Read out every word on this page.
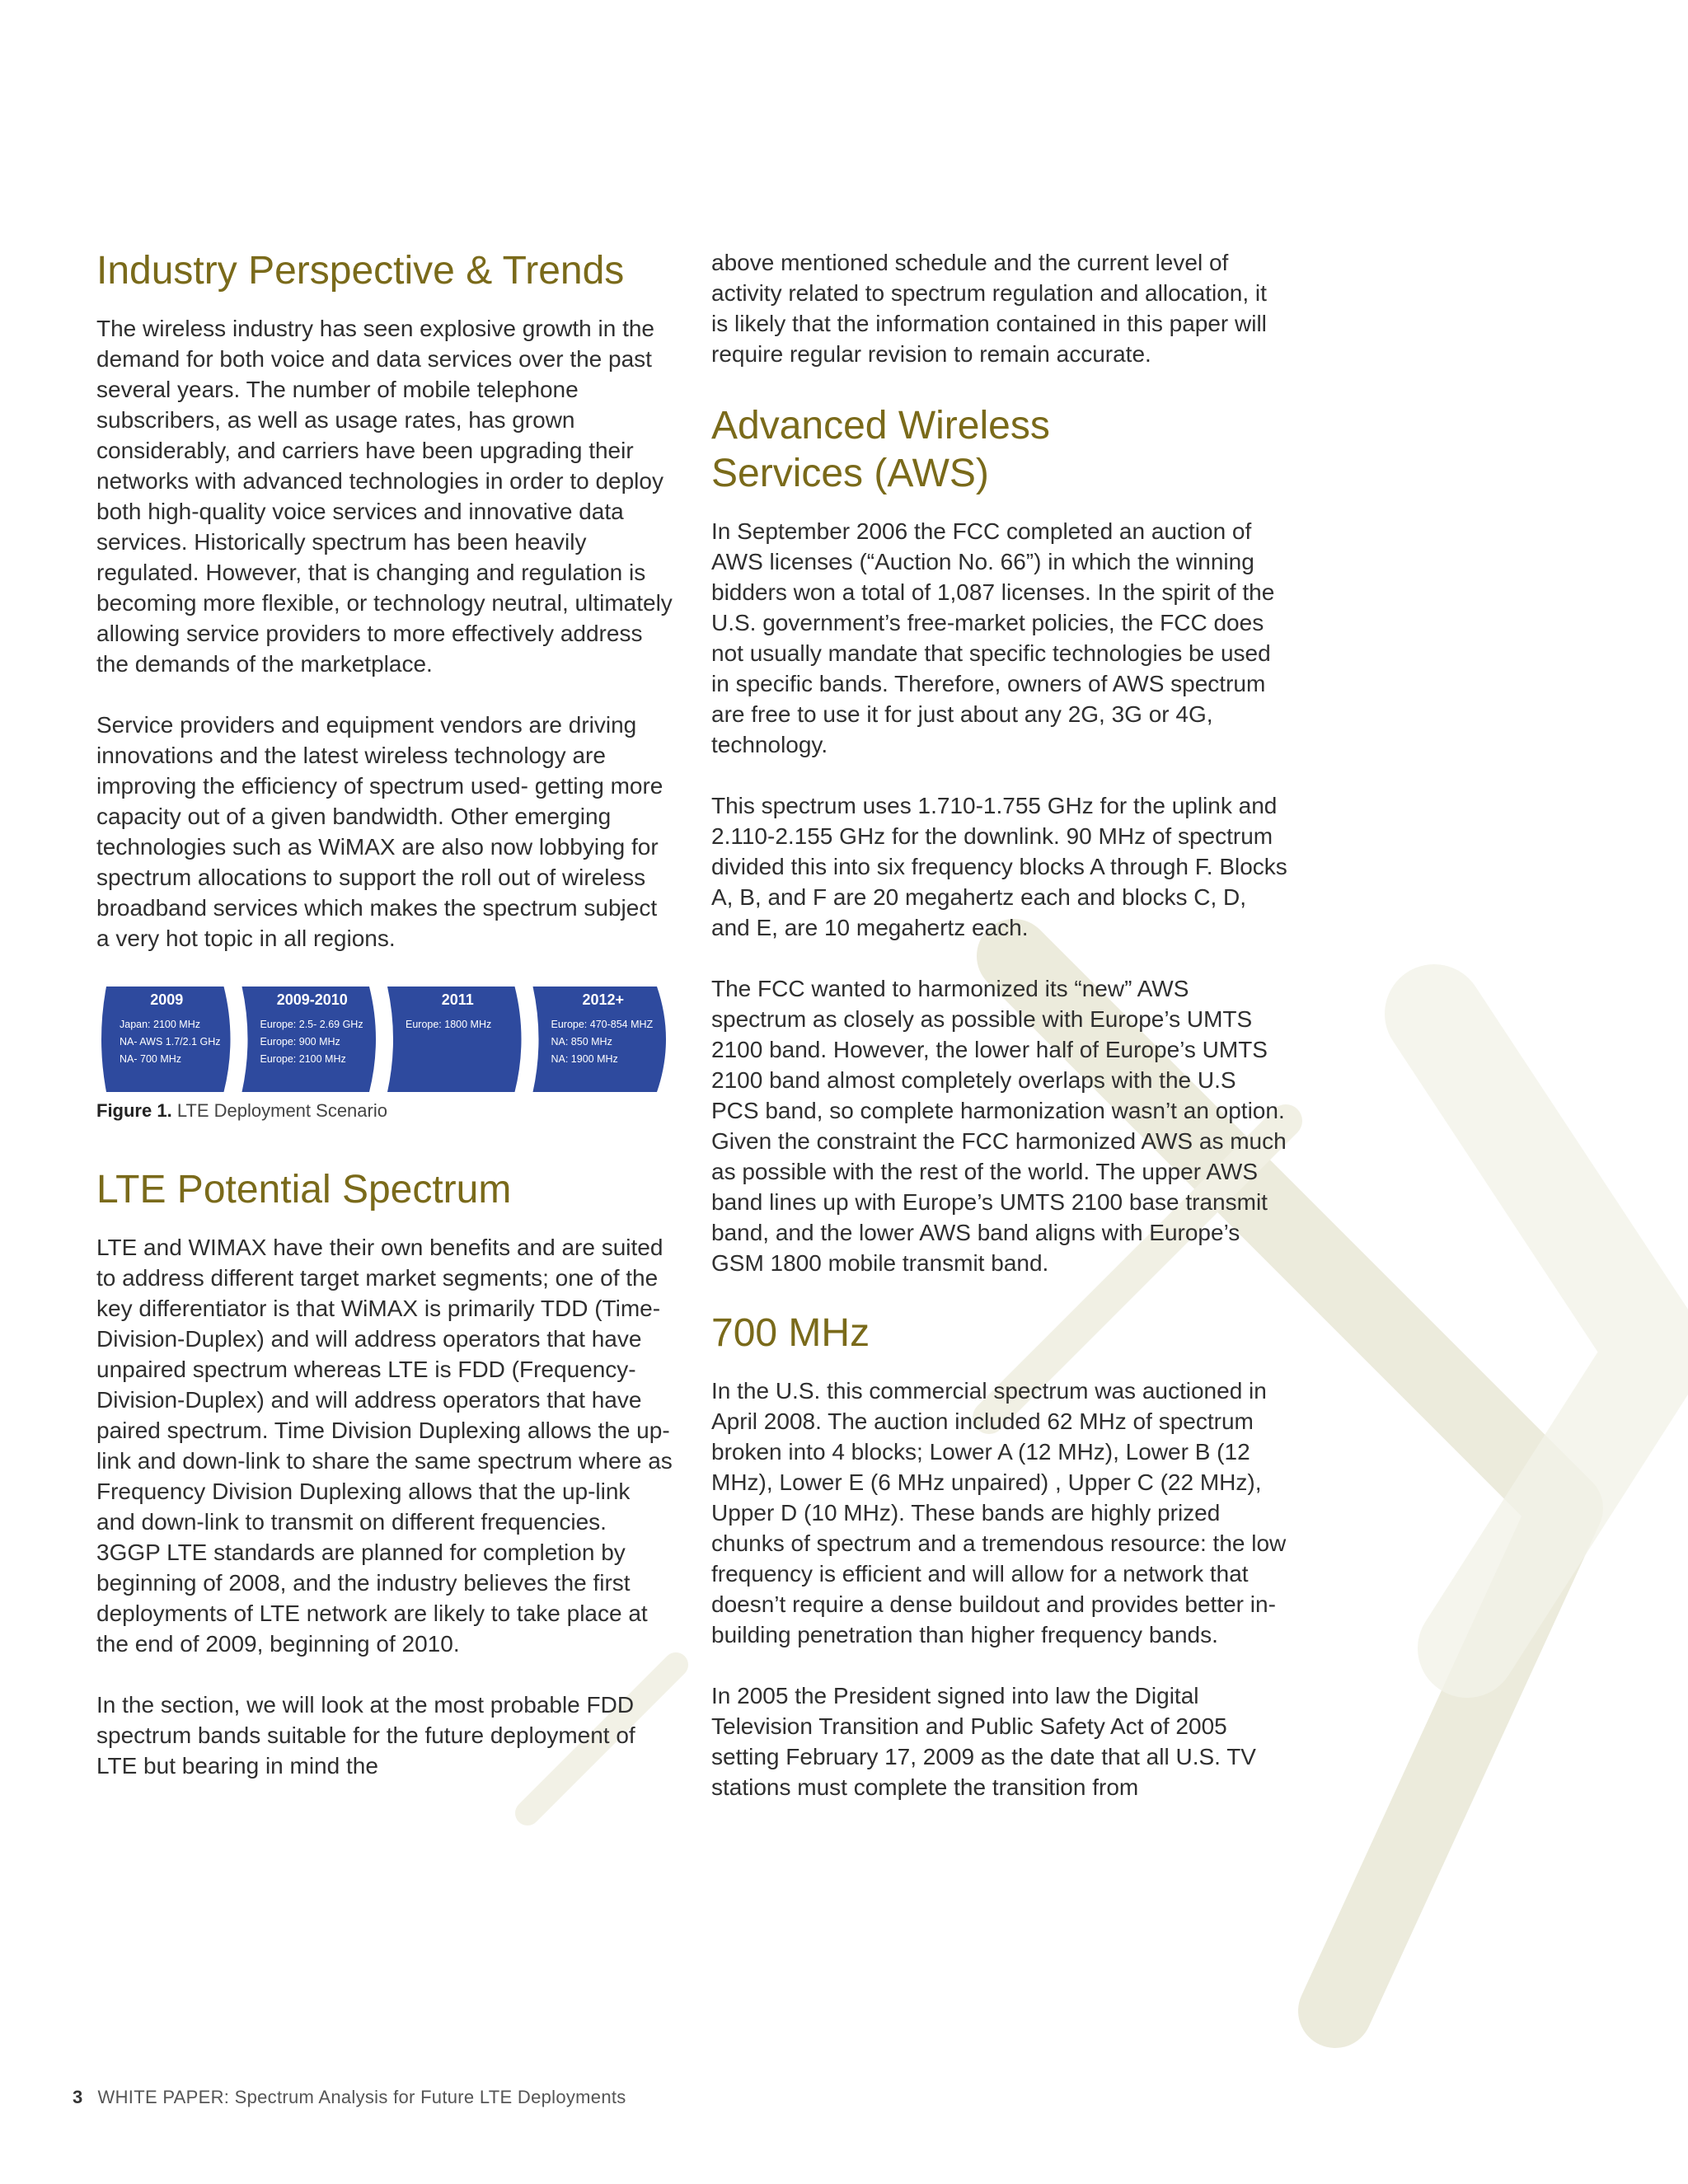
Industry Perspective & Trends

The wireless industry has seen explosive growth in the demand for both voice and data services over the past several years. The number of mobile telephone subscribers, as well as usage rates, has grown considerably, and carriers have been upgrading their networks with advanced technologies in order to deploy both high-quality voice services and innovative data services. Historically spectrum has been heavily regulated. However, that is changing and regulation is becoming more flexible, or technology neutral, ultimately allowing service providers to more effectively address the demands of the marketplace.

Service providers and equipment vendors are driving innovations and the latest wireless technology are improving the efficiency of spectrum used- getting more capacity out of a given bandwidth. Other emerging technologies such as WiMAX are also now lobbying for spectrum allocations to support the roll out of wireless broadband services which makes the spectrum subject a very hot topic in all regions.

2009
Japan: 2100 MHz
NA- AWS 1.7/2.1 GHz
NA- 700 MHz
2009-2010
Europe: 2.5- 2.69 GHz
Europe: 900 MHz
Europe: 2100 MHz
2011
Europe: 1800 MHz
2012+
Europe: 470-854 MHZ
NA: 850 MHz
NA: 1900 MHz
Figure 1. LTE Deployment Scenario
LTE Potential Spectrum

LTE and WIMAX have their own benefits and are suited to address different target market segments; one of the key differentiator is that WiMAX is primarily TDD (Time-Division-Duplex) and will address operators that have unpaired spectrum whereas LTE is FDD (Frequency-Division-Duplex) and will address operators that have paired spectrum. Time Division Duplexing allows the up-link and down-link to share the same spectrum where as Frequency Division Duplexing allows that the up-link and down-link to transmit on different frequencies. 3GGP LTE standards are planned for completion by beginning of 2008, and the industry believes the first deployments of LTE network are likely to take place at the end of 2009, beginning of 2010.

In the section, we will look at the most probable FDD spectrum bands suitable for the future deployment of LTE but bearing in mind the

above mentioned schedule and the current level of activity related to spectrum regulation and allocation, it is likely that the information contained in this paper will require regular revision to remain accurate.

Advanced Wireless Services (AWS)

In September 2006 the FCC completed an auction of AWS licenses (“Auction No. 66”) in which the winning bidders won a total of 1,087 licenses. In the spirit of the U.S. government’s free-market policies, the FCC does not usually mandate that specific technologies be used in specific bands. Therefore, owners of AWS spectrum are free to use it for just about any 2G, 3G or 4G, technology.

This spectrum uses 1.710-1.755 GHz for the uplink and 2.110-2.155 GHz for the downlink. 90 MHz of spectrum divided this into six frequency blocks A through F. Blocks A, B, and F are 20 megahertz each and blocks C, D, and E, are 10 megahertz each.

The FCC wanted to harmonized its “new” AWS spectrum as closely as possible with Europe’s UMTS 2100 band. However, the lower half of Europe’s UMTS 2100 band almost completely overlaps with the U.S PCS band, so complete harmonization wasn’t an option. Given the constraint the FCC harmonized AWS as much as possible with the rest of the world. The upper AWS band lines up with Europe’s UMTS 2100 base transmit band, and the lower AWS band aligns with Europe’s GSM 1800 mobile transmit band.

700 MHz

In the U.S. this commercial spectrum was auctioned in April 2008. The auction included 62 MHz of spectrum broken into 4 blocks; Lower A (12 MHz), Lower B (12 MHz), Lower E (6 MHz unpaired) , Upper C (22 MHz), Upper D (10 MHz). These bands are highly prized chunks of spectrum and a tremendous resource: the low frequency is efficient and will allow for a network that doesn’t require a dense buildout and provides better in-building penetration than higher frequency bands.

In 2005 the President signed into law the Digital Television Transition and Public Safety Act of 2005 setting February 17, 2009 as the date that all U.S. TV stations must complete the transition from

3 WHITE PAPER: Spectrum Analysis for Future LTE Deployments
